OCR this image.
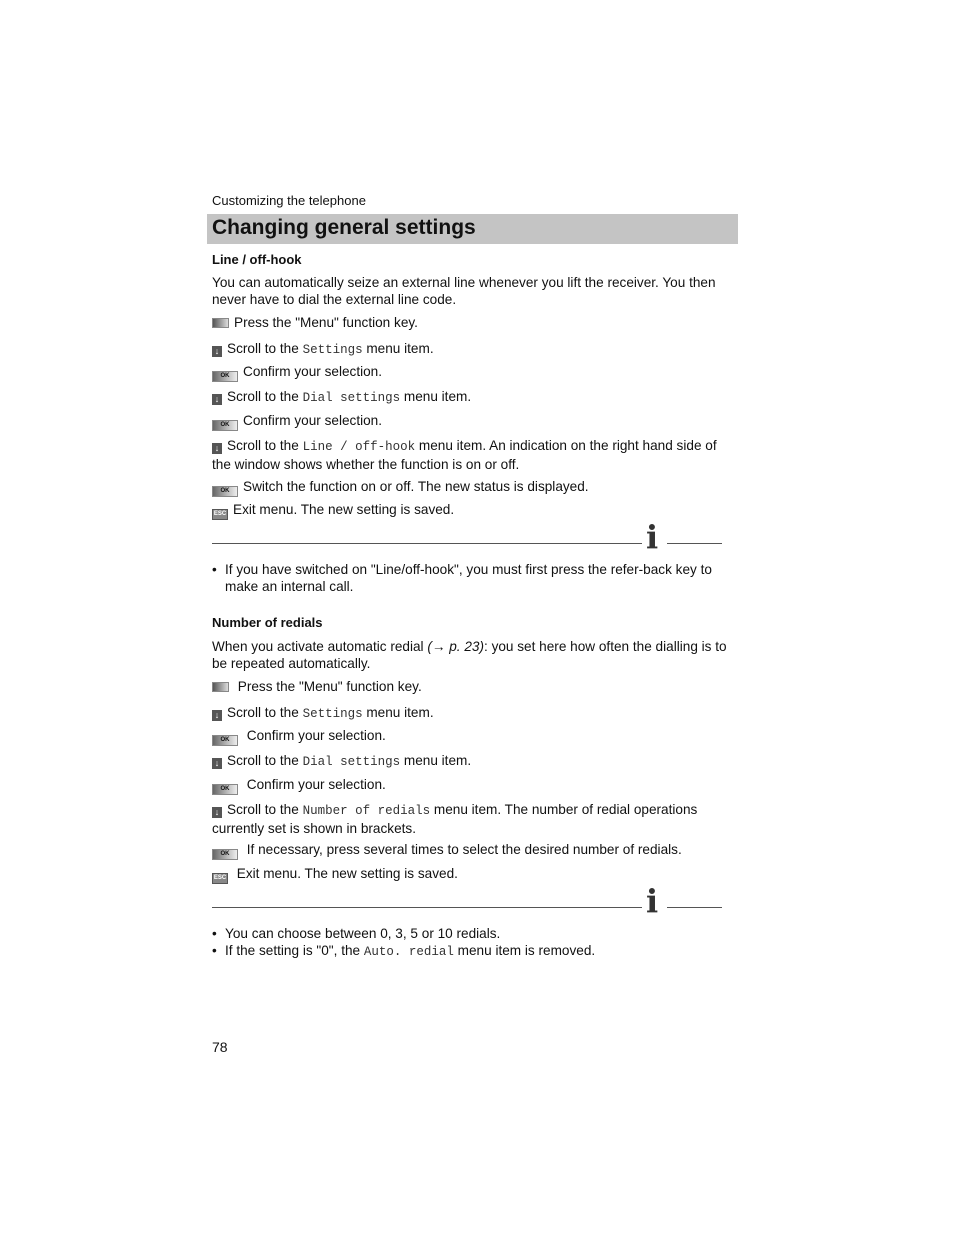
Customizing the telephone
Changing general settings
Line / off-hook
You can automatically seize an external line whenever you lift the receiver. You then never have to dial the external line code.
Press the "Menu" function key.
↓ Scroll to the Settings menu item.
OK Confirm your selection.
↓ Scroll to the Dial settings menu item.
OK Confirm your selection.
↓ Scroll to the Line / off-hook menu item. An indication on the right hand side of the window shows whether the function is on or off.
OK Switch the function on or off. The new status is displayed.
ESC Exit menu. The new setting is saved.
i
• If you have switched on "Line/off-hook", you must first press the refer-back key to make an internal call.
Number of redials
When you activate automatic redial (→ p. 23): you set here how often the dialling is to be repeated automatically.
Press the "Menu" function key.
↓ Scroll to the Settings menu item.
OK Confirm your selection.
↓ Scroll to the Dial settings menu item.
OK Confirm your selection.
↓ Scroll to the Number of redials menu item. The number of redial operations currently set is shown in brackets.
OK If necessary, press several times to select the desired number of redials.
ESC Exit menu. The new setting is saved.
i
• You can choose between 0, 3, 5 or 10 redials.
• If the setting is "0", the Auto. redial menu item is removed.
78
